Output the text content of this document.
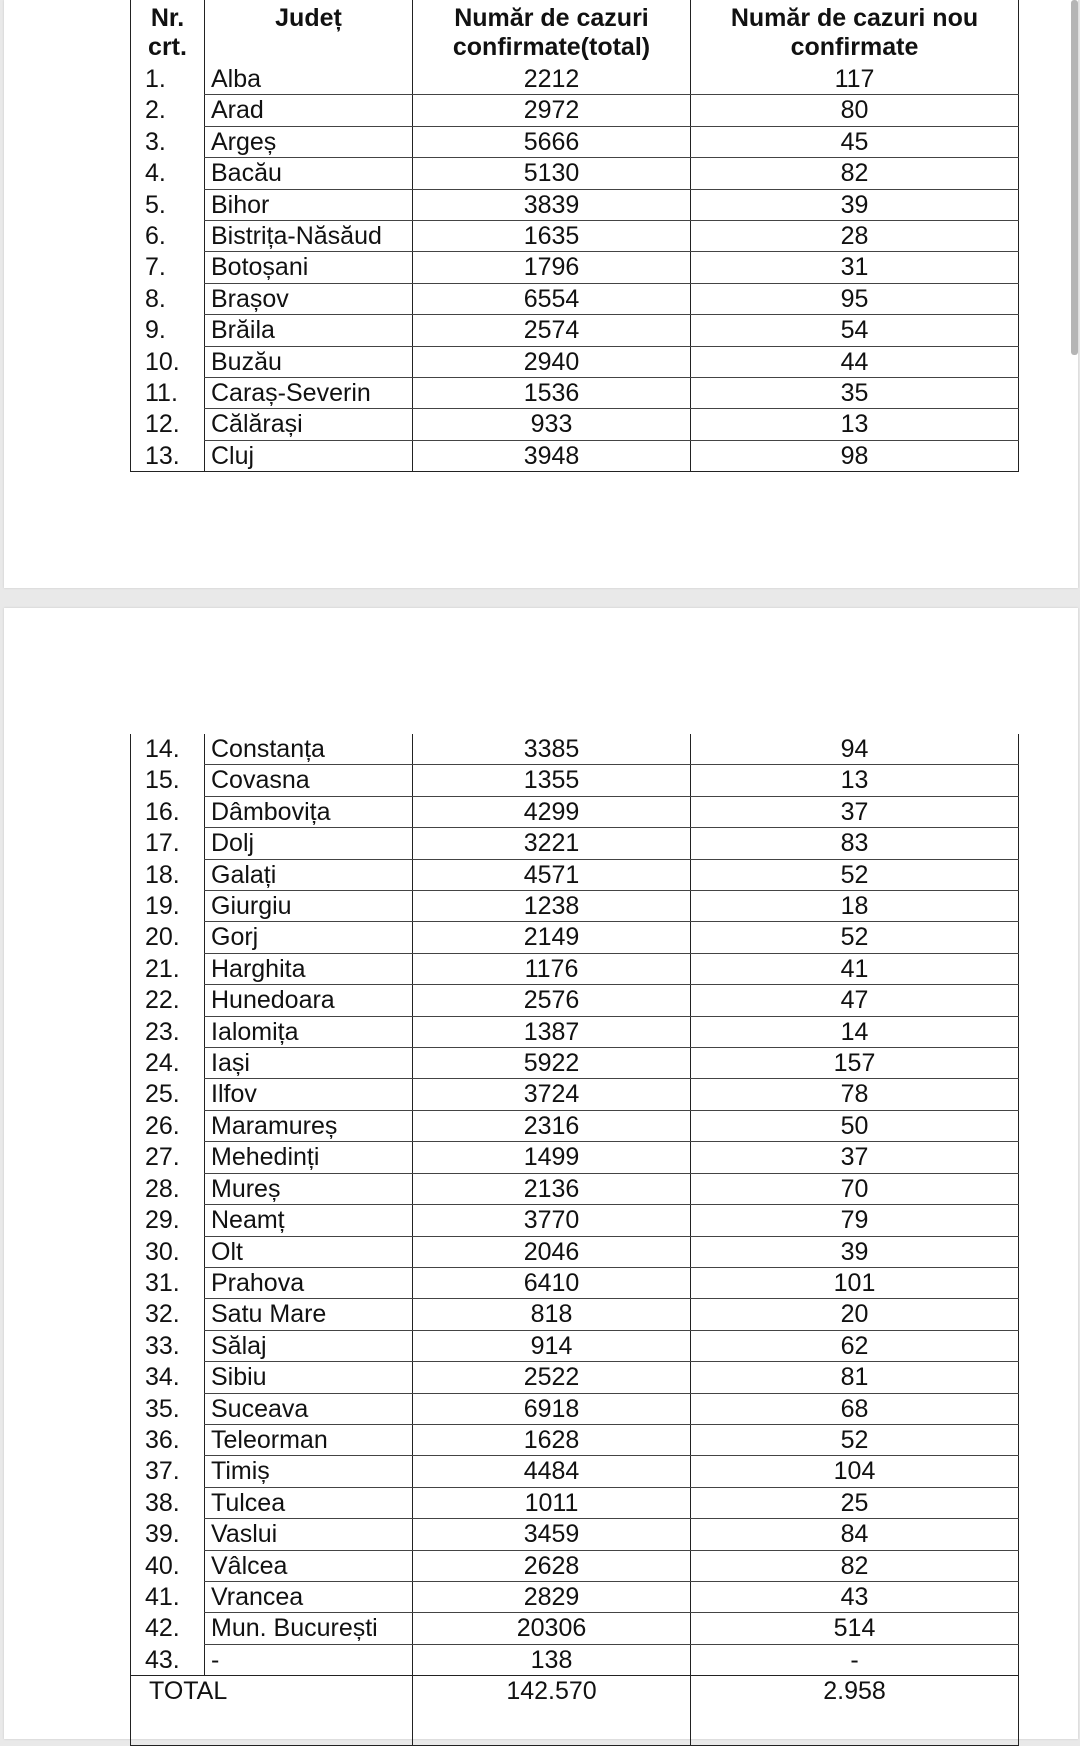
Nr.
crt.	Județ	Număr de cazuri confirmate(total)	Număr de cazuri nou confirmate
1.	Alba	2212	117
2.	Arad	2972	80
3.	Argeș	5666	45
4.	Bacău	5130	82
5.	Bihor	3839	39
6.	Bistrița-Năsăud	1635	28
7.	Botoșani	1796	31
8.	Brașov	6554	95
9.	Brăila	2574	54
10.	Buzău	2940	44
11.	Caraș-Severin	1536	35
12.	Călărași	933	13
13.	Cluj	3948	98
14.	Constanța	3385	94
15.	Covasna	1355	13
16.	Dâmbovița	4299	37
17.	Dolj	3221	83
18.	Galați	4571	52
19.	Giurgiu	1238	18
20.	Gorj	2149	52
21.	Harghita	1176	41
22.	Hunedoara	2576	47
23.	Ialomița	1387	14
24.	Iași	5922	157
25.	Ilfov	3724	78
26.	Maramureș	2316	50
27.	Mehedinți	1499	37
28.	Mureș	2136	70
29.	Neamț	3770	79
30.	Olt	2046	39
31.	Prahova	6410	101
32.	Satu Mare	818	20
33.	Sălaj	914	62
34.	Sibiu	2522	81
35.	Suceava	6918	68
36.	Teleorman	1628	52
37.	Timiș	4484	104
38.	Tulcea	1011	25
39.	Vaslui	3459	84
40.	Vâlcea	2628	82
41.	Vrancea	2829	43
42.	Mun. București	20306	514
43.	-	138	-
TOTAL		142.570	2.958
